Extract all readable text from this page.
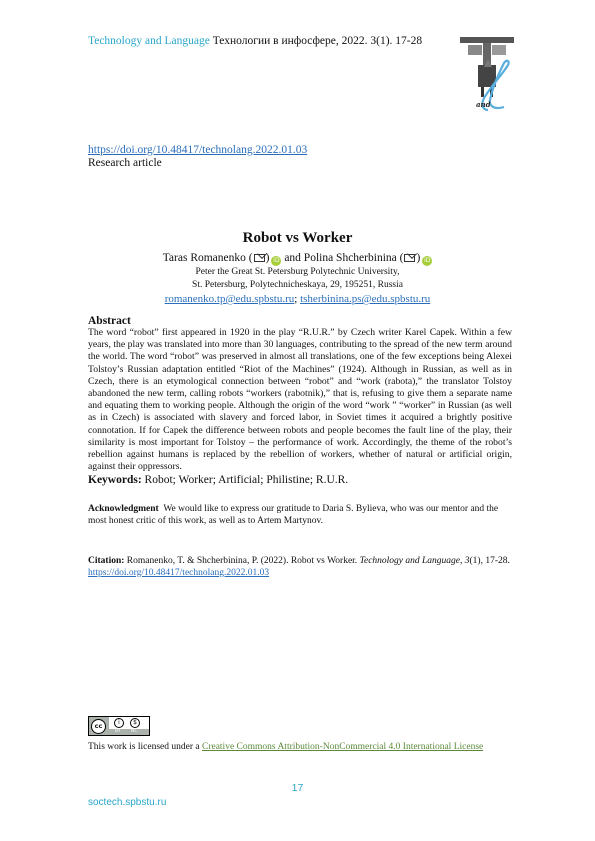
Technology and Language Технологии в инфосфере, 2022. 3(1). 17-28
and
https://doi.org/10.48417/technolang.2022.01.03
Research article
Robot vs Worker
Taras Romanenko ( ) iD and Polina Shcherbinina ( ) iD
Peter the Great St. Petersburg Polytechnic University,
St. Petersburg, Polytechnicheskaya, 29, 195251, Russia
romanenko.tp@edu.spbstu.ru; tsherbinina.ps@edu.spbstu.ru
Abstract
The word “robot” first appeared in 1920 in the play “R.U.R.” by Czech writer Karel Capek. Within a few years, the play was translated into more than 30 languages, contributing to the spread of the new term around the world. The word “robot” was preserved in almost all translations, one of the few exceptions being Alexei Tolstoy’s Russian adaptation entitled “Riot of the Machines” (1924). Although in Russian, as well as in Czech, there is an etymological connection between “robot” and “work (rabota),” the translator Tolstoy abandoned the new term, calling robots “workers (rabotnik),” that is, refusing to give them a separate name and equating them to working people. Although the origin of the word “work ” “worker” in Russian (as well as in Czech) is associated with slavery and forced labor, in Soviet times it acquired a brightly positive connotation. If for Capek the difference between robots and people becomes the fault line of the play, their similarity is most important for Tolstoy – the performance of work. Accordingly, the theme of the robot’s rebellion against humans is replaced by the rebellion of workers, whether of natural or artificial origin, against their oppressors.
Keywords: Robot; Worker; Artificial; Philistine; R.U.R.
Acknowledgment  We would like to express our gratitude to Daria S. Bylieva, who was our mentor and the most honest critic of this work, as well as to Artem Martynov.
Citation: Romanenko, T. & Shcherbinina, P. (2022). Robot vs Worker. Technology and Language, 3(1), 17-28. https://doi.org/10.48417/technolang.2022.01.03
cc	i	$
BY NC
This work is licensed under a Creative Commons Attribution-NonCommercial 4.0 International License
17
soctech.spbstu.ru
